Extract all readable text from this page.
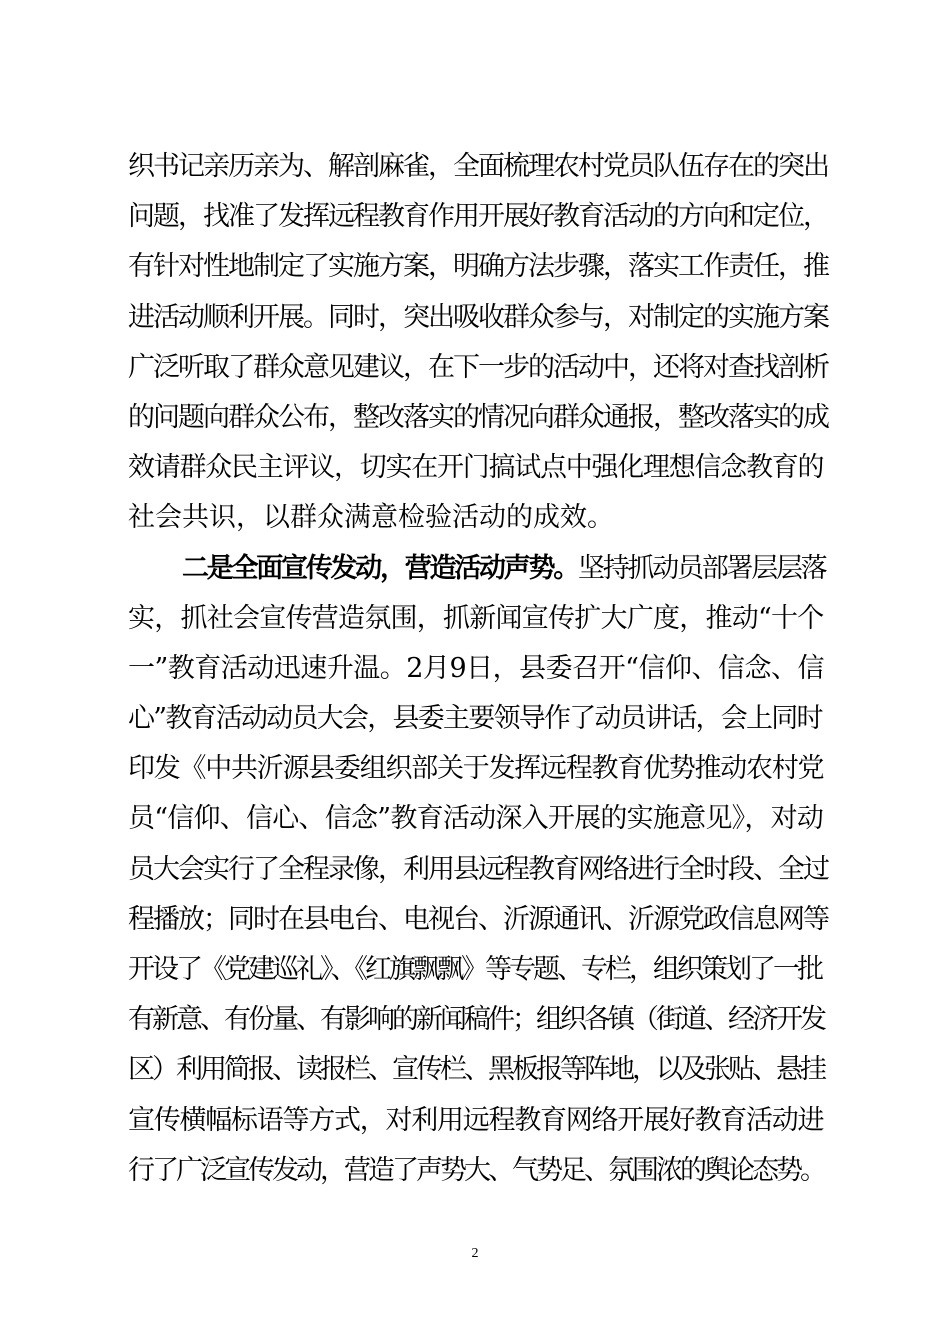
织书记亲历亲为、解剖麻雀，全面梳理农村党员队伍存在的突出
问题，找准了发挥远程教育作用开展好教育活动的方向和定位，
有针对性地制定了实施方案，明确方法步骤，落实工作责任，推
进活动顺利开展。同时，突出吸收群众参与，对制定的实施方案
广泛听取了群众意见建议，在下一步的活动中，还将对查找剖析
的问题向群众公布，整改落实的情况向群众通报，整改落实的成
效请群众民主评议，切实在开门搞试点中强化理想信念教育的
社会共识，以群众满意检验活动的成效。
二是全面宣传发动，营造活动声势。坚持抓动员部署层层落
实，抓社会宣传营造氛围，抓新闻宣传扩大广度，推动“十个
一”教育活动迅速升温。2月9日，县委召开“信仰、信念、信
心”教育活动动员大会，县委主要领导作了动员讲话，会上同时
印发《中共沂源县委组织部关于发挥远程教育优势推动农村党
员“信仰、信心、信念”教育活动深入开展的实施意见》，对动
员大会实行了全程录像，利用县远程教育网络进行全时段、全过
程播放；同时在县电台、电视台、沂源通讯、沂源党政信息网等
开设了《党建巡礼》、《红旗飘飘》等专题、专栏，组织策划了一批
有新意、有份量、有影响的新闻稿件；组织各镇（街道、经济开发
区）利用简报、读报栏、宣传栏、黑板报等阵地，以及张贴、悬挂
宣传横幅标语等方式，对利用远程教育网络开展好教育活动进
行了广泛宣传发动，营造了声势大、气势足、氛围浓的舆论态势。
2
